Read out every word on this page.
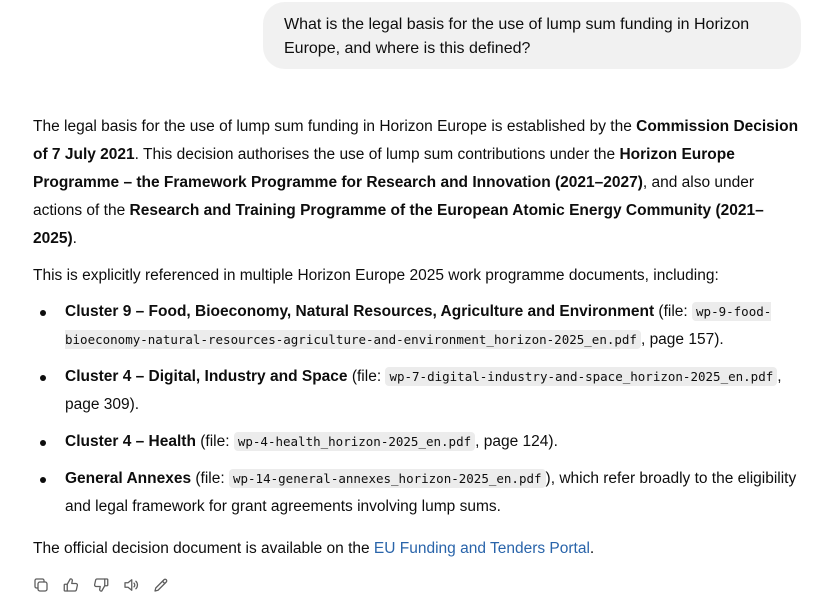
What is the legal basis for the use of lump sum funding in Horizon Europe, and where is this defined?

The legal basis for the use of lump sum funding in Horizon Europe is established by the Commission Decision of 7 July 2021. This decision authorises the use of lump sum contributions under the Horizon Europe Programme – the Framework Programme for Research and Innovation (2021–2027), and also under actions of the Research and Training Programme of the European Atomic Energy Community (2021–2025).

This is explicitly referenced in multiple Horizon Europe 2025 work programme documents, including:

Cluster 9 – Food, Bioeconomy, Natural Resources, Agriculture and Environment (file: wp-9-food-bioeconomy-natural-resources-agriculture-and-environment_horizon-2025_en.pdf , page 157).
Cluster 4 – Digital, Industry and Space (file: wp-7-digital-industry-and-space_horizon-2025_en.pdf , page 309).
Cluster 4 – Health (file: wp-4-health_horizon-2025_en.pdf , page 124).
General Annexes (file: wp-14-general-annexes_horizon-2025_en.pdf ), which refer broadly to the eligibility and legal framework for grant agreements involving lump sums.

The official decision document is available on the EU Funding and Tenders Portal.
